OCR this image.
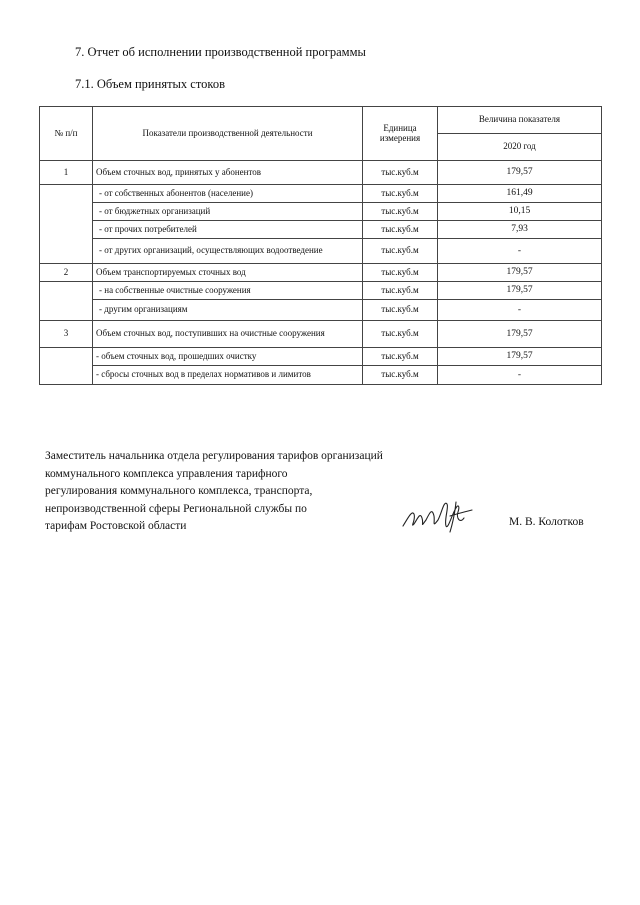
7. Отчет об исполнении производственной программы
7.1. Объем принятых стоков
№ п/п	Показатели производственной деятельности	Единица измерения	Величина показателя
			2020 год
1	Объем сточных вод, принятых у абонентов	тыс.куб.м	179,57
	- от собственных абонентов (население)	тыс.куб.м	161,49
	- от бюджетных организаций	тыс.куб.м	10,15
	- от прочих потребителей	тыс.куб.м	7,93
	- от других организаций, осуществляющих водоотведение	тыс.куб.м	-
2	Объем транспортируемых сточных вод	тыс.куб.м	179,57
	- на собственные очистные сооружения	тыс.куб.м	179,57
	- другим организациям	тыс.куб.м	-
3	Объем сточных вод, поступивших на очистные сооружения	тыс.куб.м	179,57
	- объем сточных вод, прошедших очистку	тыс.куб.м	179,57
	- сбросы сточных вод в пределах нормативов и лимитов	тыс.куб.м	-
Заместитель начальника отдела регулирования тарифов организаций
коммунального комплекса управления тарифного
регулирования коммунального комплекса, транспорта,
непроизводственной сферы Региональной службы по
тарифам Ростовской области	М. В. Колотков
